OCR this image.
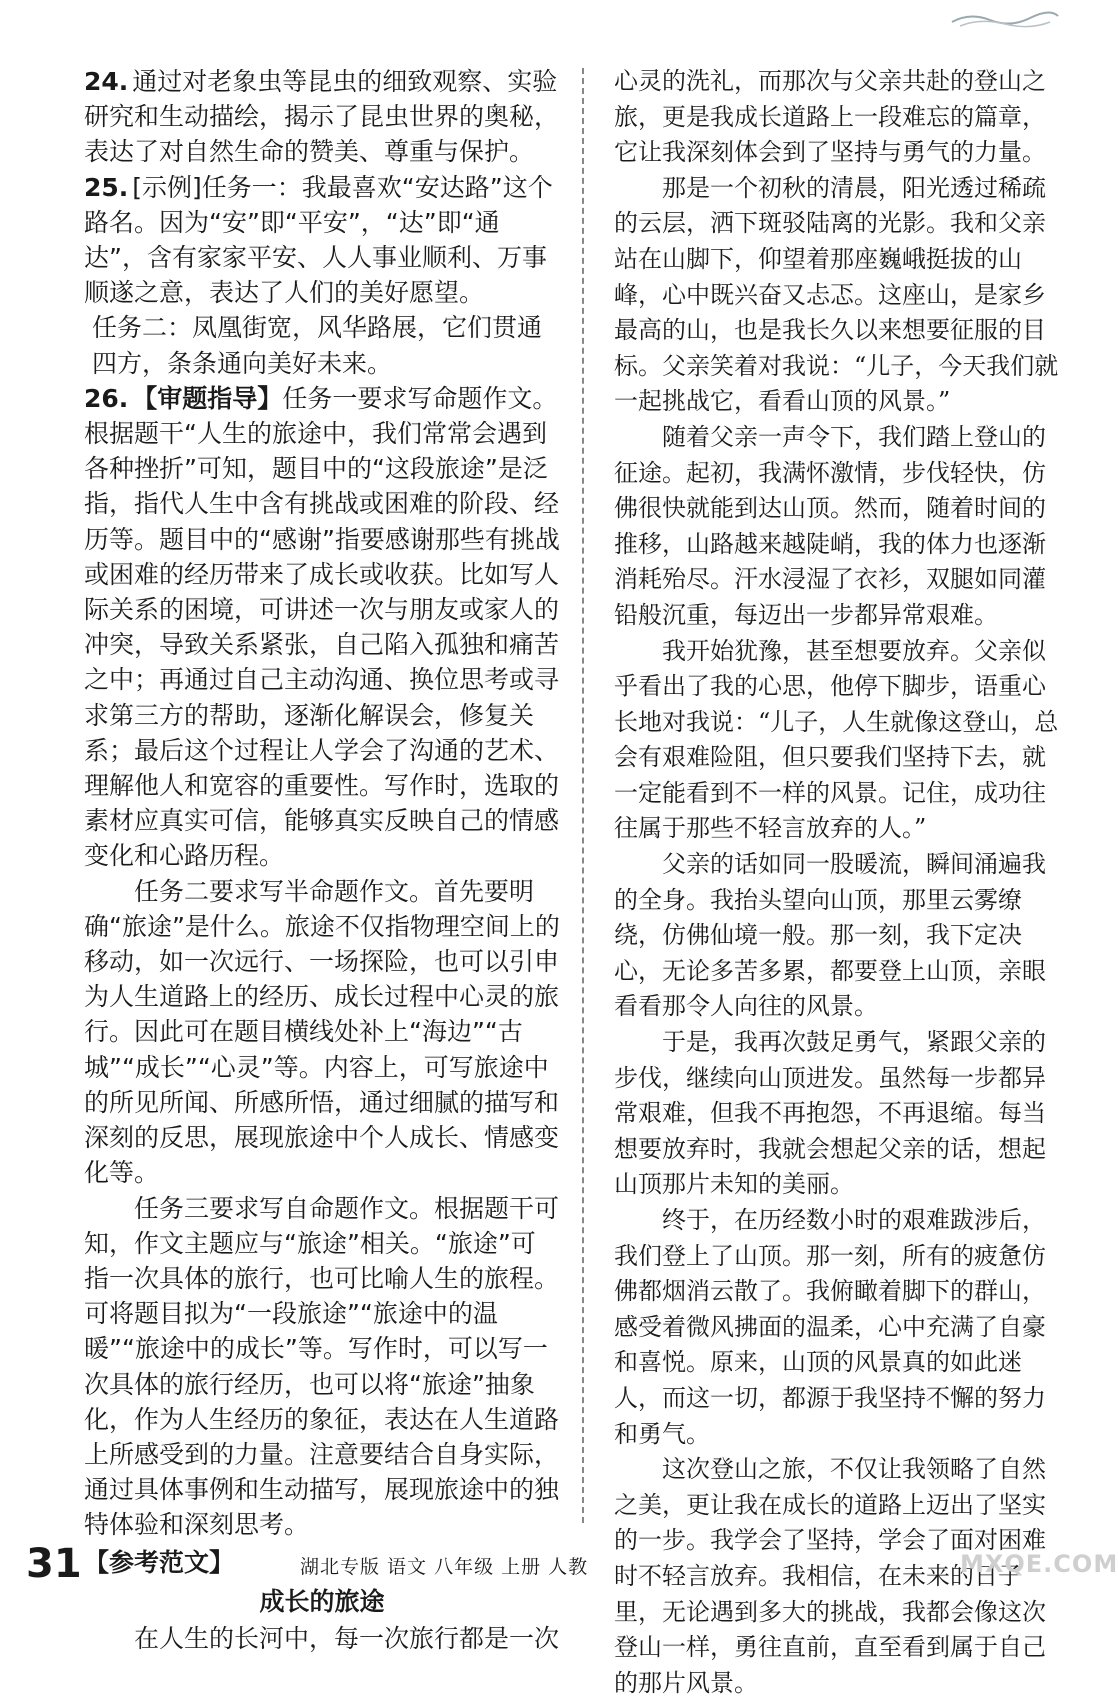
24. 通过对老象虫等昆虫的细致观察、实验研究和生动描绘，揭示了昆虫世界的奥秘，表达了对自然生命的赞美、尊重与保护。

25. [示例]任务一：我最喜欢“安达路”这个路名。因为“安”即“平安”，“达”即“通达”，含有家家平安、人人事业顺利、万事顺遂之意，表达了人们的美好愿望。

任务二：凤凰街宽，风华路展，它们贯通四方，条条通向美好未来。

26. 【审题指导】任务一要求写命题作文。根据题干“人生的旅途中，我们常常会遇到各种挫折”可知，题目中的“这段旅途”是泛指，指代人生中含有挑战或困难的阶段、经历等。题目中的“感谢”指要感谢那些有挑战或困难的经历带来了成长或收获。比如写人际关系的困境，可讲述一次与朋友或家人的冲突，导致关系紧张，自己陷入孤独和痛苦之中；再通过自己主动沟通、换位思考或寻求第三方的帮助，逐渐化解误会，修复关系；最后这个过程让人学会了沟通的艺术、理解他人和宽容的重要性。写作时，选取的素材应真实可信，能够真实反映自己的情感变化和心路历程。

任务二要求写半命题作文。首先要明确“旅途”是什么。旅途不仅指物理空间上的移动，如一次远行、一场探险，也可以引申为人生道路上的经历、成长过程中心灵的旅行。因此可在题目横线处补上“海边”“古城”“成长”“心灵”等。内容上，可写旅途中的所见所闻、所感所悟，通过细腻的描写和深刻的反思，展现旅途中个人成长、情感变化等。

任务三要求写自命题作文。根据题干可知，作文主题应与“旅途”相关。“旅途”可指一次具体的旅行，也可比喻人生的旅程。可将题目拟为“一段旅途”“旅途中的温暖”“旅途中的成长”等。写作时，可以写一次具体的旅行经历，也可以将“旅途”抽象化，作为人生经历的象征，表达在人生道路上所感受到的力量。注意要结合自身实际，通过具体事例和生动描写，展现旅途中的独特体验和深刻思考。

【参考范文】
成长的旅途

在人生的长河中，每一次旅行都是一次

心灵的洗礼，而那次与父亲共赴的登山之旅，更是我成长道路上一段难忘的篇章，它让我深刻体会到了坚持与勇气的力量。

那是一个初秋的清晨，阳光透过稀疏的云层，洒下斑驳陆离的光影。我和父亲站在山脚下，仰望着那座巍峨挺拔的山峰，心中既兴奋又忐忑。这座山，是家乡最高的山，也是我长久以来想要征服的目标。父亲笑着对我说：“儿子，今天我们就一起挑战它，看看山顶的风景。”

随着父亲一声令下，我们踏上登山的征途。起初，我满怀激情，步伐轻快，仿佛很快就能到达山顶。然而，随着时间的推移，山路越来越陡峭，我的体力也逐渐消耗殆尽。汗水浸湿了衣衫，双腿如同灌铅般沉重，每迈出一步都异常艰难。

我开始犹豫，甚至想要放弃。父亲似乎看出了我的心思，他停下脚步，语重心长地对我说：“儿子，人生就像这登山，总会有艰难险阻，但只要我们坚持下去，就一定能看到不一样的风景。记住，成功往往属于那些不轻言放弃的人。”

父亲的话如同一股暖流，瞬间涌遍我的全身。我抬头望向山顶，那里云雾缭绕，仿佛仙境一般。那一刻，我下定决心，无论多苦多累，都要登上山顶，亲眼看看那令人向往的风景。

于是，我再次鼓足勇气，紧跟父亲的步伐，继续向山顶进发。虽然每一步都异常艰难，但我不再抱怨，不再退缩。每当想要放弃时，我就会想起父亲的话，想起山顶那片未知的美丽。

终于，在历经数小时的艰难跋涉后，我们登上了山顶。那一刻，所有的疲惫仿佛都烟消云散了。我俯瞰着脚下的群山，感受着微风拂面的温柔，心中充满了自豪和喜悦。原来，山顶的风景真的如此迷人，而这一切，都源于我坚持不懈的努力和勇气。

这次登山之旅，不仅让我领略了自然之美，更让我在成长的道路上迈出了坚实的一步。我学会了坚持，学会了面对困难时不轻言放弃。我相信，在未来的日子里，无论遇到多大的挑战，我都会像这次登山一样，勇往直前，直至看到属于自己的那片风景。

31	湖北专版 语文 八年级 上册 人教	MXQE.COM
